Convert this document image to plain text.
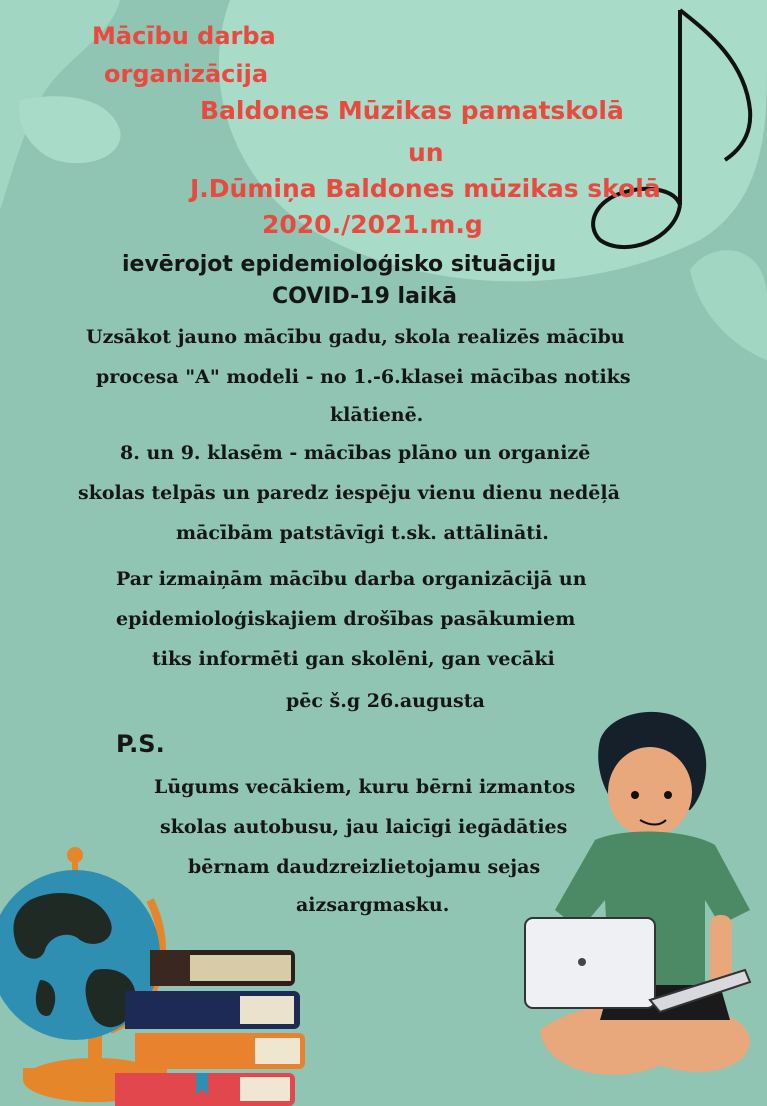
Mācību darba
organizācija
Baldones Mūzikas pamatskolā
un
J.Dūmiņa Baldones mūzikas skolā
2020./2021.m.g
ievērojot epidemioloģisko situāciju
COVID-19 laikā
Uzsākot jauno mācību gadu, skola realizēs mācību
procesa "A" modeli - no 1.-6.klasei mācības notiks
klātienē.
8. un 9. klasēm - mācības plāno un organizē
skolas telpās un paredz iespēju vienu dienu nedēļā
mācībām patstāvīgi t.sk. attālināti.
Par izmaiņām mācību darba organizācijā un
epidemioloģiskajiem drošības pasākumiem
tiks informēti gan skolēni, gan vecāki
pēc š.g 26.augusta
P.S.
Lūgums vecākiem, kuru bērni izmantos
skolas autobusu, jau laicīgi iegādāties
bērnam daudzreizlietojamu sejas
aizsargmasku.
